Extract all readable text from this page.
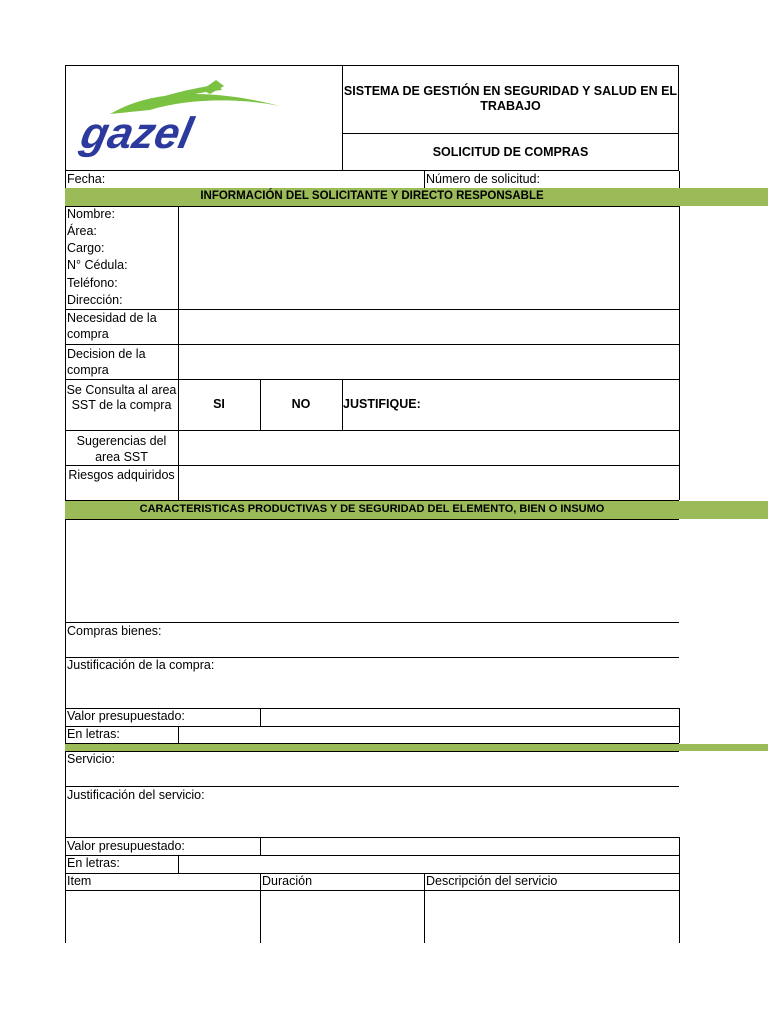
gazel
SISTEMA DE GESTIÓN EN SEGURIDAD Y SALUD EN EL TRABAJO
SOLICITUD DE COMPRAS
Fecha:	Número de solicitud:
INFORMACIÓN DEL SOLICITANTE Y DIRECTO RESPONSABLE
Nombre:
Área:
Cargo:
N° Cédula:
Teléfono:
Dirección:
Necesidad de la compra
Decision de la compra
Se Consulta al area SST de la compra	SI	NO	JUSTIFIQUE:
Sugerencias del area SST
Riesgos adquiridos
CARACTERISTICAS PRODUCTIVAS Y DE SEGURIDAD DEL ELEMENTO, BIEN O INSUMO
Compras bienes:
Justificación de la compra:
Valor presupuestado:
En letras:
Servicio:
Justificación del servicio:
Valor presupuestado:
En letras:
Item	Duración	Descripción del servicio
